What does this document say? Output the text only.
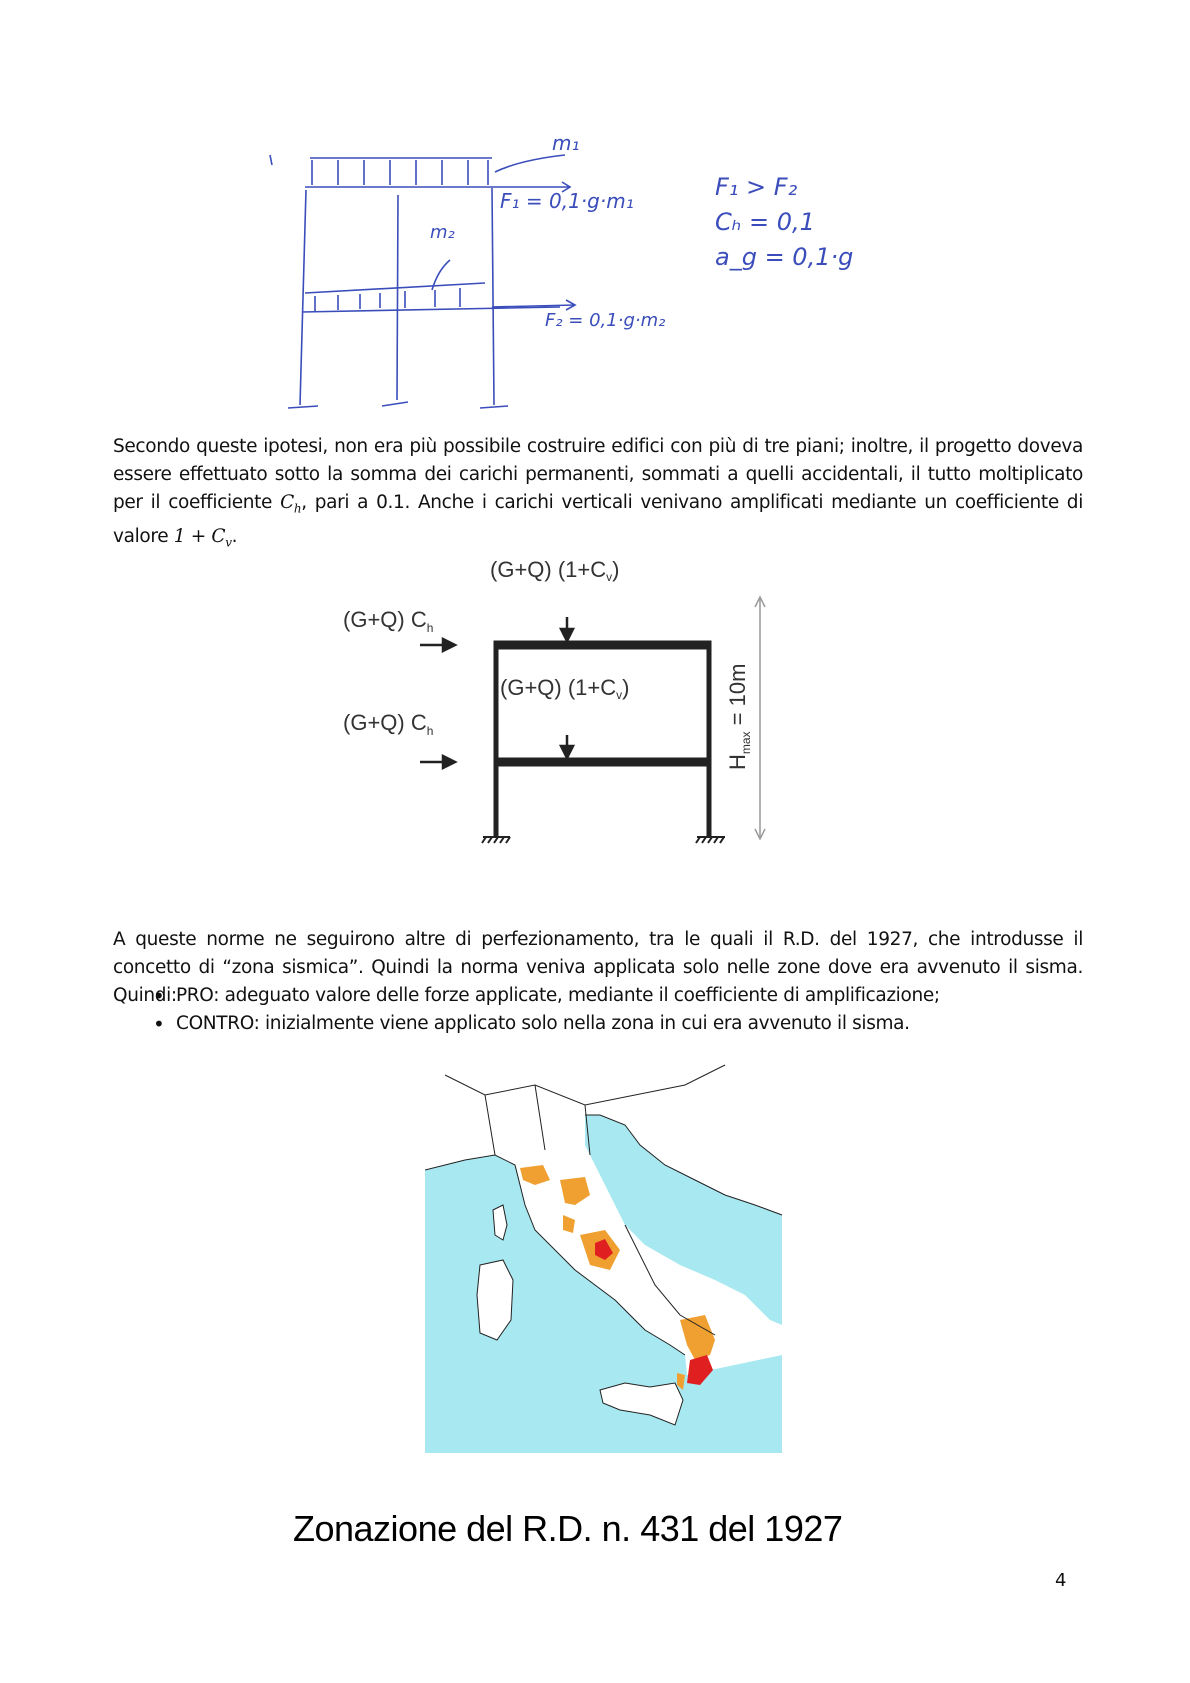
m₁
m₂
F₁ = 0,1·g·m₁
F₂ = 0,1·g·m₂
F₁ > F₂
Cₕ = 0,1
a_g = 0,1·g

Secondo queste ipotesi, non era più possibile costruire edifici con più di tre piani; inoltre, il progetto doveva essere effettuato sotto la somma dei carichi permanenti, sommati a quelli accidentali, il tutto moltiplicato per il coefficiente $C_h$, pari a 0.1. Anche i carichi verticali venivano amplificati mediante un coefficiente di valore $1 + C_v$.

(G+Q) (1+Cv)
(G+Q) (1+Cv)
(G+Q) $C_h$
(G+Q) $C_h$
$H_{max} = 10m$

A queste norme ne seguirono altre di perfezionamento, tra le quali il R.D. del 1927, che introdusse il concetto di “zona sismica”. Quindi la norma veniva applicata solo nelle zone dove era avvenuto il sisma. Quindi: • PRO: adeguato valore delle forze applicate, mediante il coefficiente di amplificazione;
• CONTRO: inizialmente viene applicato solo nella zona in cui era avvenuto il sisma.
Zonazione del R.D. n. 431 del 1927
4
